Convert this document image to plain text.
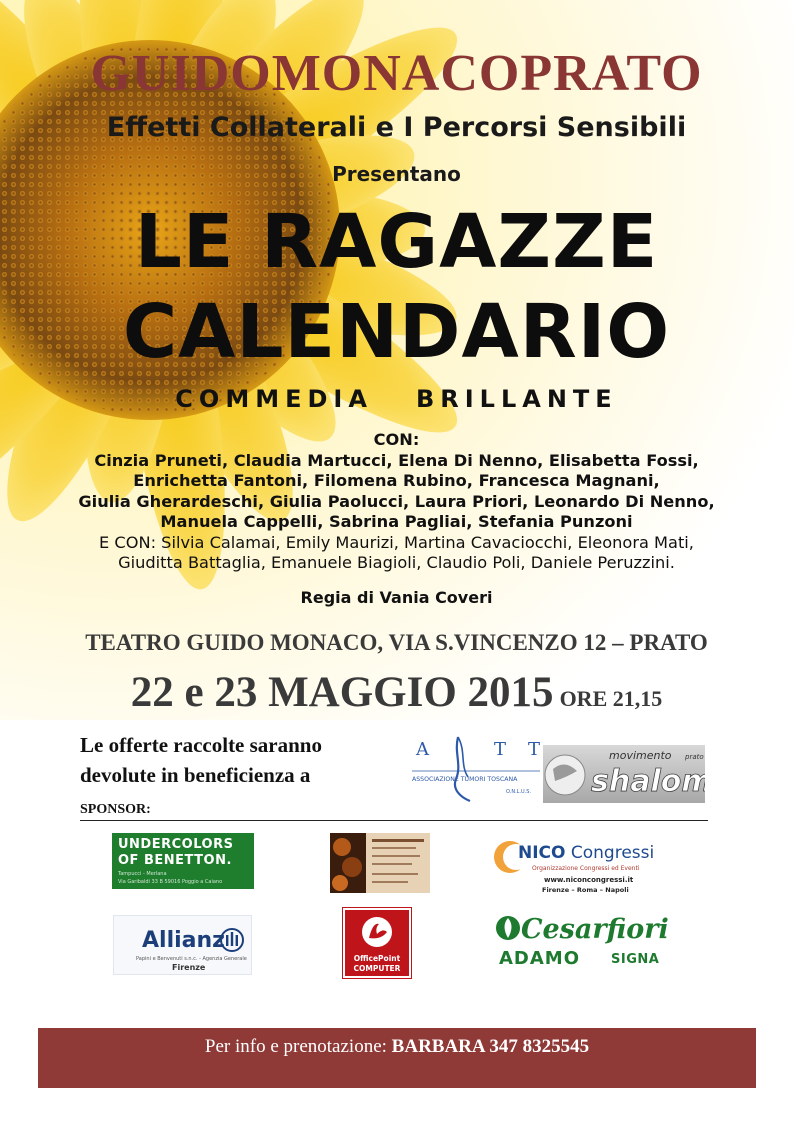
GUIDOMONACOPRATO
Effetti Collaterali e I Percorsi Sensibili
Presentano
LE RAGAZZE
CALENDARIO
COMMEDIA   BRILLANTE
CON:
Cinzia Pruneti, Claudia Martucci, Elena Di Nenno, Elisabetta Fossi,
Enrichetta Fantoni, Filomena Rubino, Francesca Magnani,
Giulia Gherardeschi, Giulia Paolucci, Laura Priori, Leonardo Di Nenno,
Manuela Cappelli, Sabrina Pagliai, Stefania Punzoni
E CON: Silvia Calamai, Emily Maurizi, Martina Cavaciocchi, Eleonora Mati,
Giuditta Battaglia, Emanuele Biagioli, Claudio Poli, Daniele Peruzzini.
Regia di Vania Coveri
TEATRO GUIDO MONACO, VIA S.VINCENZO 12 – PRATO
22 e 23 MAGGIO 2015 ORE 21,15
Le offerte raccolte saranno
devolute in beneficienza a
A	T T
ASSOCIAZIONE TUMORI TOSCANA
O.N.L.U.S.
movimento prato
shalom
SPONSOR:
UNDERCOLORS
OF BENETTON.
Tampucci - Merlana
Via Garibaldi 33 B 59016 Poggio a Caiano
NICO Congressi
Organizzazione Congressi ed Eventi
www.niconcongressi.it
Firenze – Roma – Napoli
Allianz
Papini e Benvenuti s.n.c. - Agenzia Generale
Firenze
OfficePoint
COMPUTER
Cesarfiori
ADAMO SIGNA
Per info e prenotazione: BARBARA 347 8325545
